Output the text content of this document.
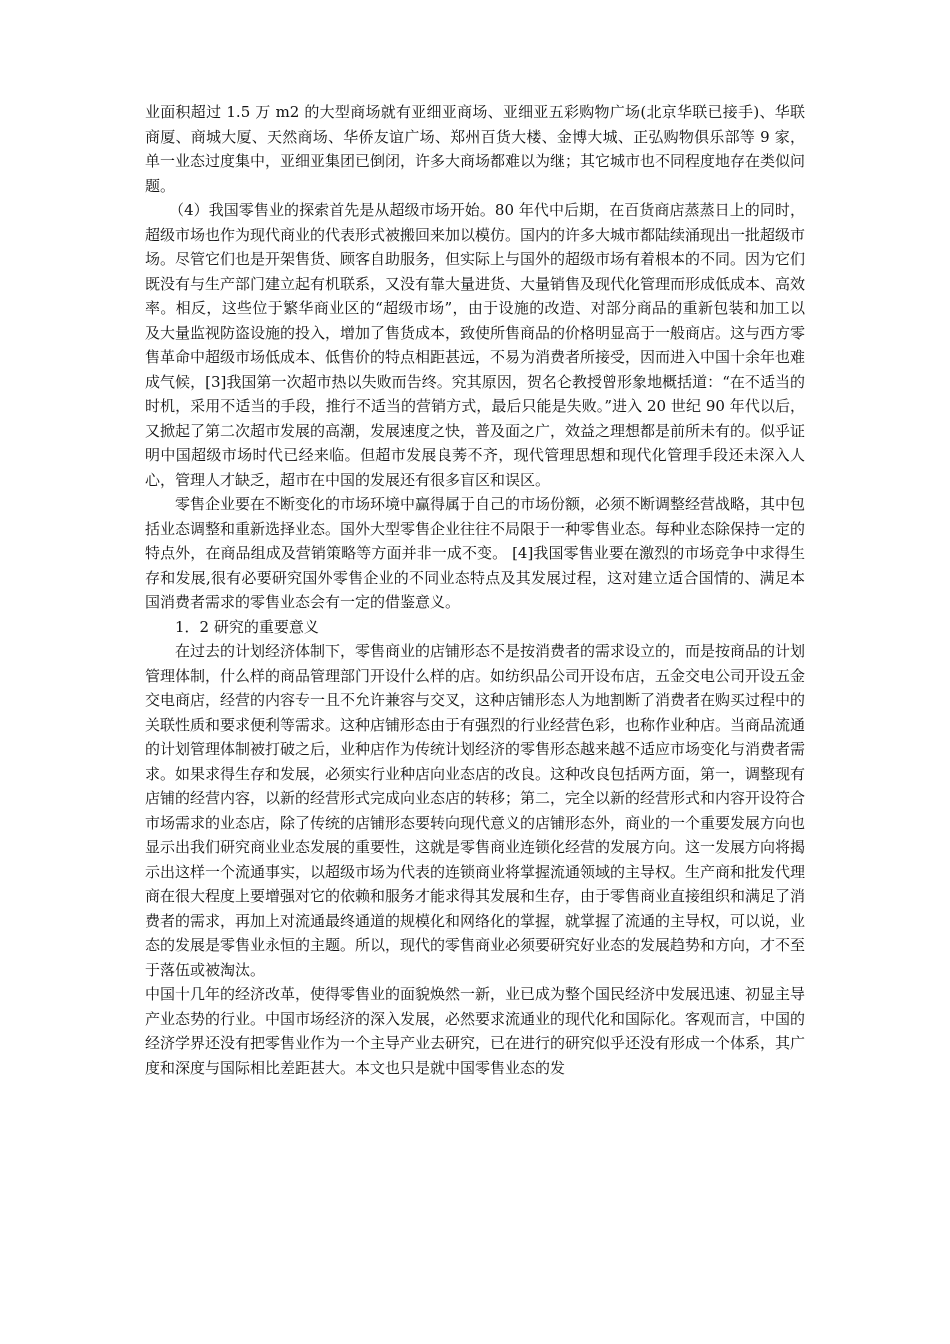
业面积超过 1.5 万 m2 的大型商场就有亚细亚商场、亚细亚五彩购物广场(北京华联已接手)、华联商厦、商城大厦、天然商场、华侨友谊广场、郑州百货大楼、金博大城、正弘购物俱乐部等 9 家，单一业态过度集中，亚细亚集团已倒闭，许多大商场都难以为继；其它城市也不同程度地存在类似问题。

（4）我国零售业的探索首先是从超级市场开始。80 年代中后期，在百货商店蒸蒸日上的同时，超级市场也作为现代商业的代表形式被搬回来加以模仿。国内的许多大城市都陆续涌现出一批超级市场。尽管它们也是开架售货、顾客自助服务，但实际上与国外的超级市场有着根本的不同。因为它们既没有与生产部门建立起有机联系，又没有靠大量进货、大量销售及现代化管理而形成低成本、高效率。相反，这些位于繁华商业区的“超级市场”，由于设施的改造、对部分商品的重新包装和加工以及大量监视防盗设施的投入，增加了售货成本，致使所售商品的价格明显高于一般商店。这与西方零售革命中超级市场低成本、低售价的特点相距甚远，不易为消费者所接受，因而进入中国十余年也难成气候，[3]我国第一次超市热以失败而告终。究其原因，贺名仑教授曾形象地概括道：“在不适当的时机，采用不适当的手段，推行不适当的营销方式，最后只能是失败。”进入 20 世纪 90 年代以后，又掀起了第二次超市发展的高潮，发展速度之快，普及面之广，效益之理想都是前所未有的。似乎证明中国超级市场时代已经来临。但超市发展良莠不齐，现代管理思想和现代化管理手段还未深入人心，管理人才缺乏，超市在中国的发展还有很多盲区和误区。

零售企业要在不断变化的市场环境中赢得属于自己的市场份额，必须不断调整经营战略，其中包括业态调整和重新选择业态。国外大型零售企业往往不局限于一种零售业态。每种业态除保持一定的特点外，在商品组成及营销策略等方面并非一成不变。 [4]我国零售业要在激烈的市场竞争中求得生存和发展,很有必要研究国外零售企业的不同业态特点及其发展过程，这对建立适合国情的、满足本国消费者需求的零售业态会有一定的借鉴意义。

1．2 研究的重要意义

在过去的计划经济体制下，零售商业的店铺形态不是按消费者的需求设立的，而是按商品的计划管理体制，什么样的商品管理部门开设什么样的店。如纺织品公司开设布店，五金交电公司开设五金交电商店，经营的内容专一且不允许兼容与交叉，这种店铺形态人为地割断了消费者在购买过程中的关联性质和要求便利等需求。这种店铺形态由于有强烈的行业经营色彩，也称作业种店。当商品流通的计划管理体制被打破之后，业种店作为传统计划经济的零售形态越来越不适应市场变化与消费者需求。如果求得生存和发展，必须实行业种店向业态店的改良。这种改良包括两方面，第一，调整现有店铺的经营内容，以新的经营形式完成向业态店的转移；第二，完全以新的经营形式和内容开设符合市场需求的业态店，除了传统的店铺形态要转向现代意义的店铺形态外，商业的一个重要发展方向也显示出我们研究商业业态发展的重要性，这就是零售商业连锁化经营的发展方向。这一发展方向将揭示出这样一个流通事实，以超级市场为代表的连锁商业将掌握流通领域的主导权。生产商和批发代理商在很大程度上要增强对它的依赖和服务才能求得其发展和生存，由于零售商业直接组织和满足了消费者的需求，再加上对流通最终通道的规模化和网络化的掌握，就掌握了流通的主导权，可以说，业态的发展是零售业永恒的主题。所以，现代的零售商业必须要研究好业态的发展趋势和方向，才不至于落伍或被淘汰。

中国十几年的经济改革，使得零售业的面貌焕然一新，业已成为整个国民经济中发展迅速、初显主导产业态势的行业。中国市场经济的深入发展，必然要求流通业的现代化和国际化。客观而言，中国的经济学界还没有把零售业作为一个主导产业去研究，已在进行的研究似乎还没有形成一个体系，其广度和深度与国际相比差距甚大。本文也只是就中国零售业态的发
